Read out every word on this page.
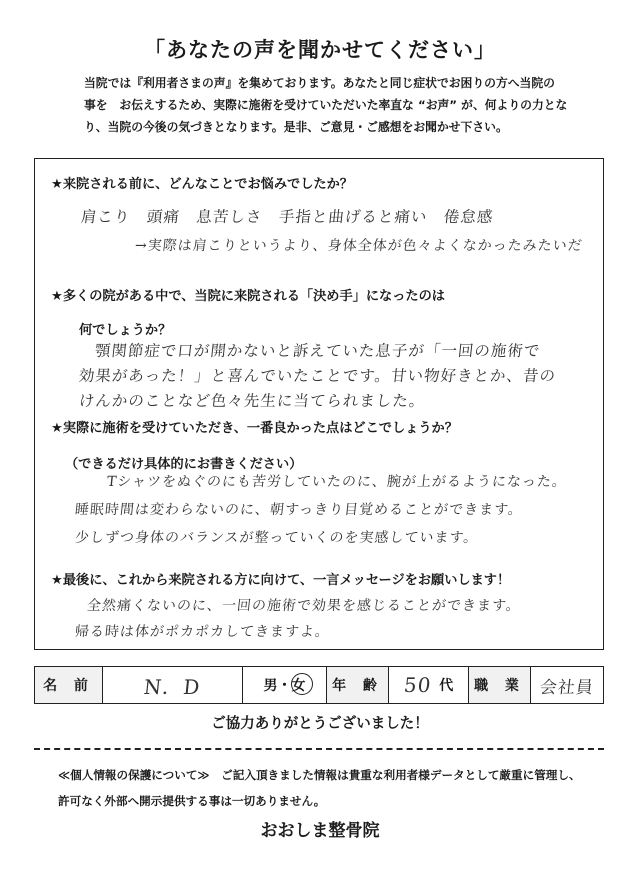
「あなたの声を聞かせてください」

当院では『利用者さまの声』を集めております。あなたと同じ症状でお困りの方へ当院の

事を　お伝えするため、実際に施術を受けていただいた率直な “お声” が、何よりの力とな

り、当院の今後の気づきとなります。是非、ご意見・ご感想をお聞かせ下さい。

★来院される前に、どんなことでお悩みでしたか？
肩こり　頭痛　息苦しさ　手指と曲げると痛い　倦怠感
→実際は肩こりというより、身体全体が色々よくなかったみたいだ
★多くの院がある中で、当院に来院される「決め手」になったのは
何でしょうか？
顎関節症で口が開かないと訴えていた息子が「一回の施術で
効果があった！」と喜んでいたことです。甘い物好きとか、昔の
けんかのことなど色々先生に当てられました。
★実際に施術を受けていただき、一番良かった点はどこでしょうか？
（できるだけ具体的にお書きください）
Tシャツをぬぐのにも苦労していたのに、腕が上がるようになった。
睡眠時間は変わらないのに、朝すっきり目覚めることができます。
少しずつ身体のバランスが整っていくのを実感しています。
★最後に、これから来院される方に向けて、一言メッセージをお願いします！
全然痛くないのに、一回の施術で効果を感じることができます。
帰る時は体がポカポカしてきますよ。
名 前	N．D	男・女	年 齢 50 代	職 業 会社員
ご協力ありがとうございました！

≪個人情報の保護について≫　ご記入頂きました情報は貴重な利用者様データとして厳重に管理し、

許可なく外部へ開示提供する事は一切ありません。

おおしま整骨院
